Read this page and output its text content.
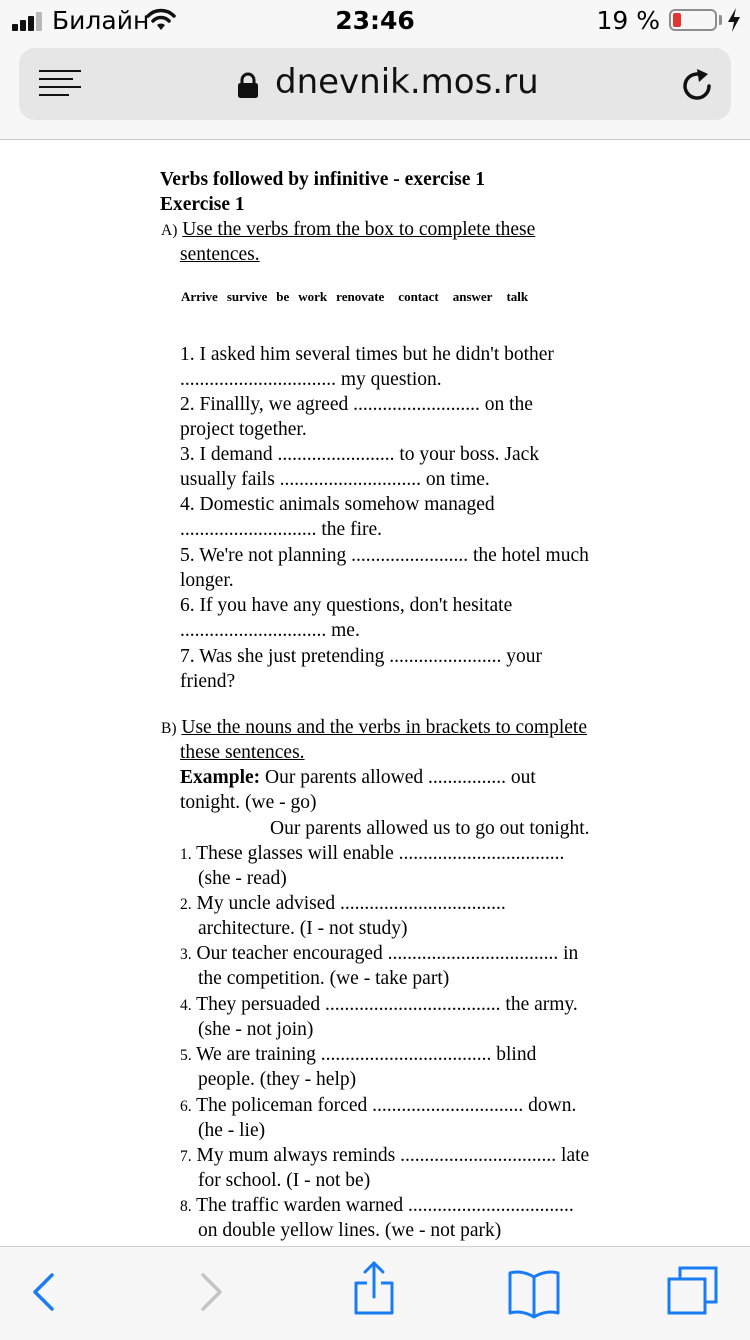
Билайн	23:46	19 %
dnevnik.mos.ru
Verbs followed by infinitive - exercise 1
Exercise 1
A) Use the verbs from the box to complete these
sentences.
Arrive survive be work renovate contact answer talk
1. I asked him several times but he didn't bother
................................ my question.
2. Finallly, we agreed .......................... on the
project together.
3. I demand ........................ to your boss. Jack
usually fails ............................. on time.
4. Domestic animals somehow managed
............................ the fire.
5. We're not planning ........................ the hotel much
longer.
6. If you have any questions, don't hesitate
.............................. me.
7. Was she just pretending ....................... your
friend?
B) Use the nouns and the verbs in brackets to complete
these sentences.
Example: Our parents allowed ................ out
tonight. (we - go)
Our parents allowed us to go out tonight.
1. These glasses will enable ..................................
(she - read)
2. My uncle advised ..................................
architecture. (I - not study)
3. Our teacher encouraged ................................... in
the competition. (we - take part)
4. They persuaded .................................... the army.
(she - not join)
5. We are training ................................... blind
people. (they - help)
6. The policeman forced ............................... down.
(he - lie)
7. My mum always reminds ................................ late
for school. (I - not be)
8. The traffic warden warned ..................................
on double yellow lines. (we - not park)
